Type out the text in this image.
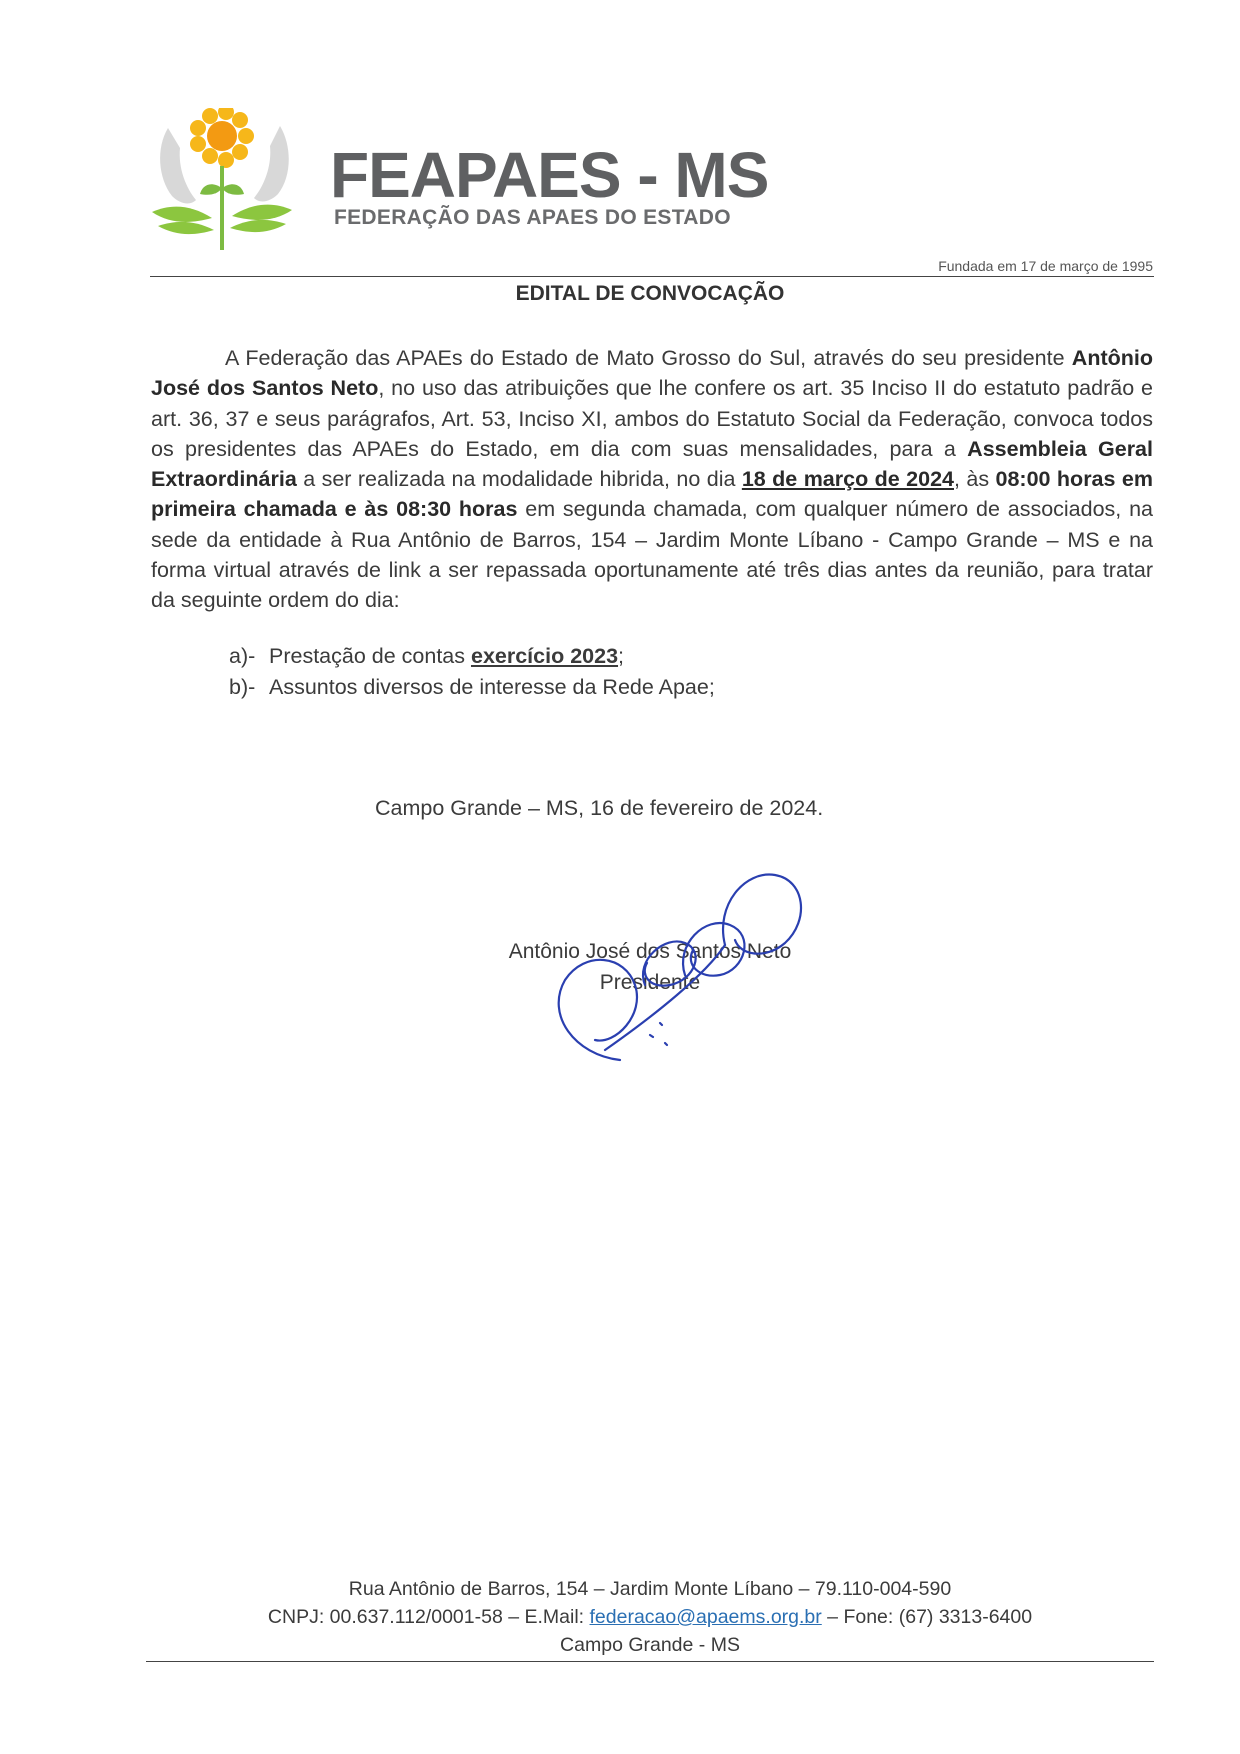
FEAPAES - MS
FEDERAÇÃO DAS APAES DO ESTADO
Fundada em 17 de março de 1995
EDITAL DE CONVOCAÇÃO

A Federação das APAEs do Estado de Mato Grosso do Sul, através do seu presidente Antônio José dos Santos Neto, no uso das atribuições que lhe confere os art. 35 Inciso II do estatuto padrão e art. 36, 37 e seus parágrafos, Art. 53, Inciso XI, ambos do Estatuto Social da Federação, convoca todos os presidentes das APAEs do Estado, em dia com suas mensalidades, para a Assembleia Geral Extraordinária a ser realizada na modalidade hibrida, no dia 18 de março de 2024, às 08:00 horas em primeira chamada e às 08:30 horas em segunda chamada, com qualquer número de associados, na sede da entidade à Rua Antônio de Barros, 154 – Jardim Monte Líbano - Campo Grande – MS e na forma virtual através de link a ser repassada oportunamente até três dias antes da reunião, para tratar da seguinte ordem do dia:

a)- Prestação de contas exercício 2023;
b)- Assuntos diversos de interesse da Rede Apae;
Campo Grande – MS, 16 de fevereiro de 2024.
Antônio José dos Santos Neto
Presidente
Rua Antônio de Barros, 154 – Jardim Monte Líbano – 79.110-004-590
CNPJ: 00.637.112/0001-58 – E.Mail: federacao@apaems.org.br – Fone: (67) 3313-6400
Campo Grande - MS
